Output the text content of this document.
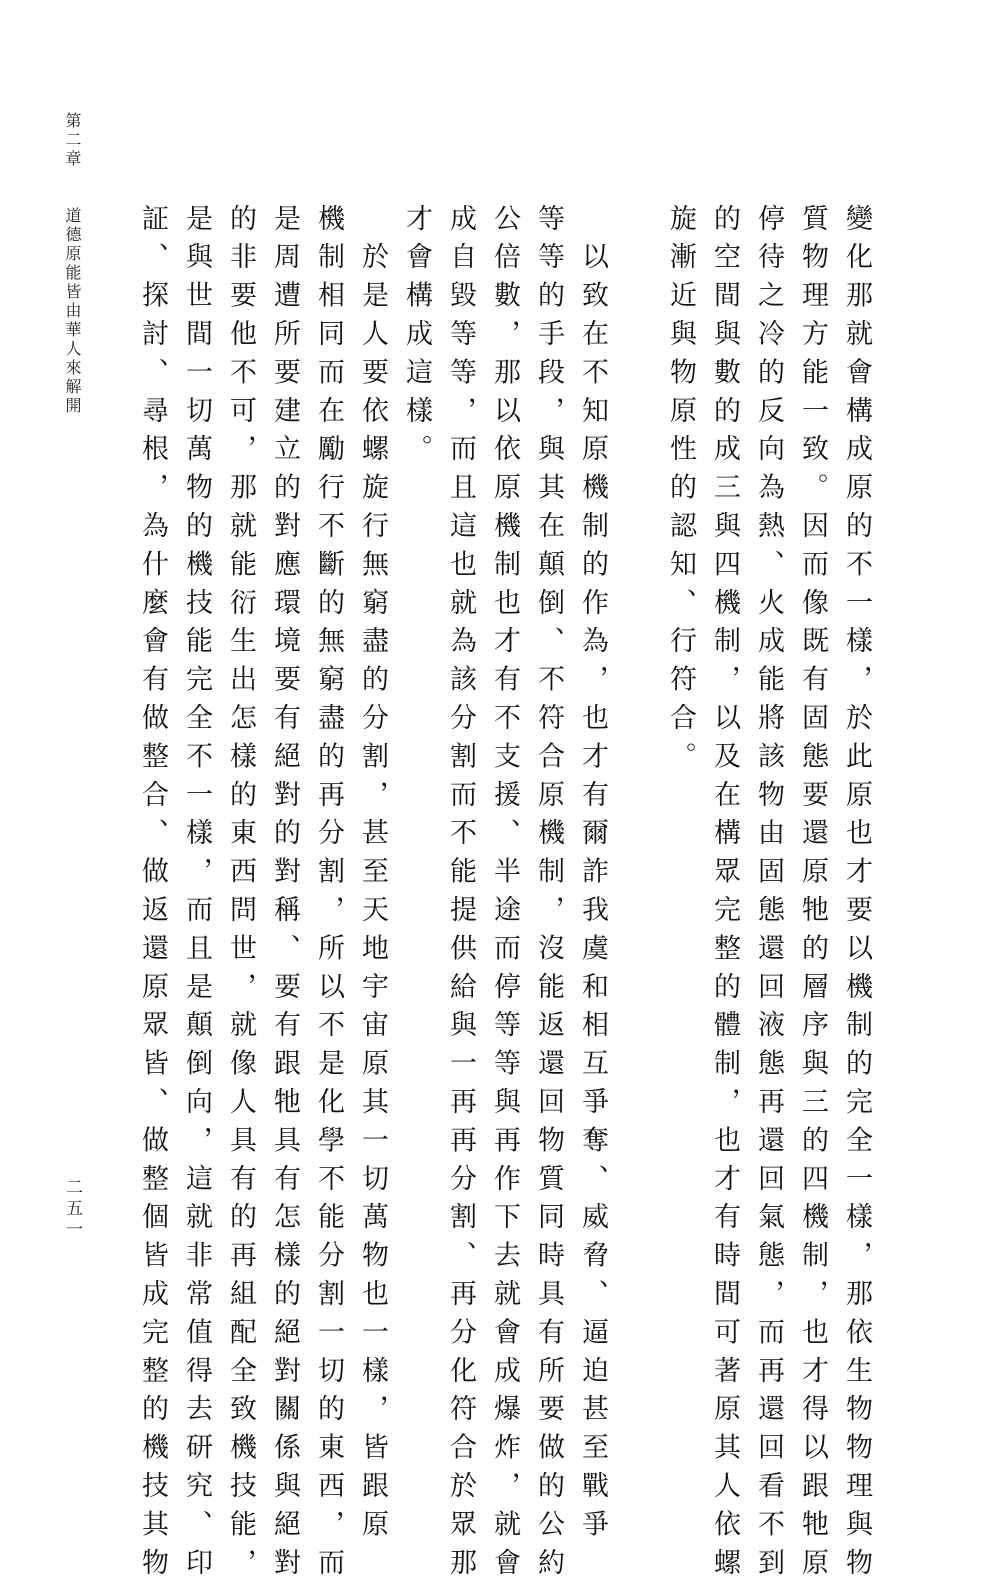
第二章　　道德原能皆由華人來解開

二五一	變化那就會構成原的不一樣，於此原也才要以機制的完全一樣，那依生物物理與物

質物理方能一致。因而像既有固態要還原牠的層序與三的四機制，也才得以跟牠原

停待之冷的反向為熱、火成能將該物由固態還回液態再還回氣態，而再還回看不到

的空間與數的成三與四機制，以及在構眾完整的體制，也才有時間可著原其人依螺

旋漸近與物原性的認知、行符合。

　以致在不知原機制的作為，也才有爾詐我虞和相互爭奪、威脅、逼迫甚至戰爭

等等的手段，與其在顛倒、不符合原機制，沒能返還回物質同時具有所要做的公約

公倍數，那以依原機制也才有不支援、半途而停等等與再作下去就會成爆炸，就會

成自毀等等，而且這也就為該分割而不能提供給與一再再分割、再分化符合於眾那

才會構成這樣。

　於是人要依螺旋行無窮盡的分割，甚至天地宇宙原其一切萬物也一樣，皆跟原

機制相同而在勵行不斷的無窮盡的再分割，所以不是化學不能分割一切的東西，而

是周遭所要建立的對應環境要有絕對的對稱、要有跟牠具有怎樣的絕對關係與絕對

的非要他不可，那就能衍生出怎樣的東西問世，就像人具有的再組配全致機技能，

是與世間一切萬物的機技能完全不一樣，而且是顛倒向，這就非常值得去研究、印

証、探討、尋根，為什麼會有做整合、做返還原眾皆、做整個皆成完整的機技其物
